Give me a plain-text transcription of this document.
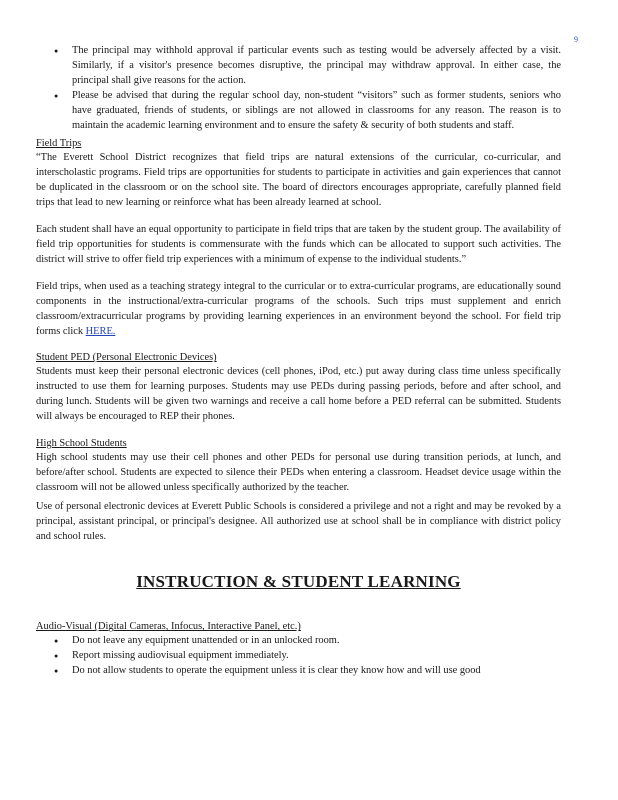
9
● The principal may withhold approval if particular events such as testing would be adversely affected by a visit. Similarly, if a visitor's presence becomes disruptive, the principal may withdraw approval. In either case, the principal shall give reasons for the action.
● Please be advised that during the regular school day, non-student “visitors” such as former students, seniors who have graduated, friends of students, or siblings are not allowed in classrooms for any reason. The reason is to maintain the academic learning environment and to ensure the safety & security of both students and staff.
Field Trips

“The Everett School District recognizes that field trips are natural extensions of the curricular, co-curricular, and interscholastic programs. Field trips are opportunities for students to participate in activities and gain experiences that cannot be duplicated in the classroom or on the school site. The board of directors encourages appropriate, carefully planned field trips that lead to new learning or reinforce what has been already learned at school.

Each student shall have an equal opportunity to participate in field trips that are taken by the student group. The availability of field trip opportunities for students is commensurate with the funds which can be allocated to support such activities. The district will strive to offer field trip experiences with a minimum of expense to the individual students.”

Field trips, when used as a teaching strategy integral to the curricular or to extra-curricular programs, are educationally sound components in the instructional/extra-curricular programs of the schools. Such trips must supplement and enrich classroom/extracurricular programs by providing learning experiences in an environment beyond the school. For field trip forms click HERE.

Student PED (Personal Electronic Devices)

Students must keep their personal electronic devices (cell phones, iPod, etc.) put away during class time unless specifically instructed to use them for learning purposes. Students may use PEDs during passing periods, before and after school, and during lunch. Students will be given two warnings and receive a call home before a PED referral can be submitted. Students will always be encouraged to REP their phones.

High School Students

High school students may use their cell phones and other PEDs for personal use during transition periods, at lunch, and before/after school. Students are expected to silence their PEDs when entering a classroom. Headset device usage within the classroom will not be allowed unless specifically authorized by the teacher.

Use of personal electronic devices at Everett Public Schools is considered a privilege and not a right and may be revoked by a principal, assistant principal, or principal's designee. All authorized use at school shall be in compliance with district policy and school rules.

INSTRUCTION & STUDENT LEARNING
Audio-Visual (Digital Cameras, Infocus, Interactive Panel, etc.)
● Do not leave any equipment unattended or in an unlocked room.
● Report missing audiovisual equipment immediately.
● Do not allow students to operate the equipment unless it is clear they know how and will use good
